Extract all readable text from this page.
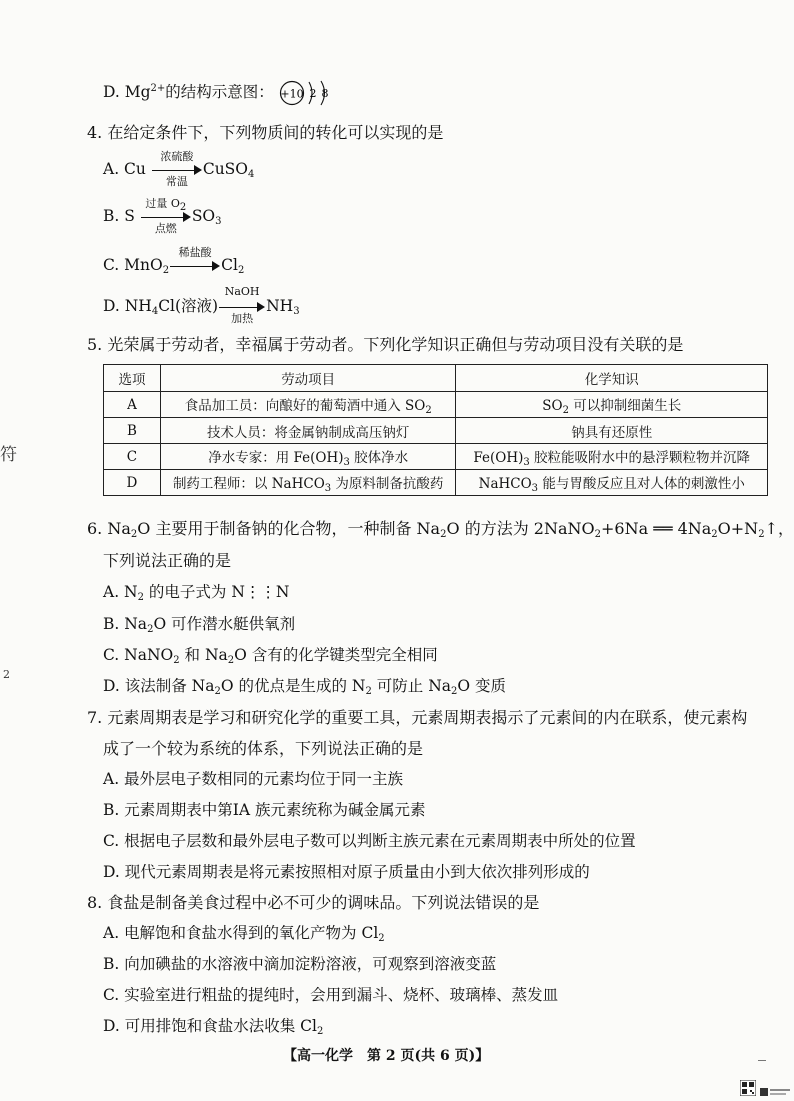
符
2
D. $Mg^{2+}$的结构示意图： +10 2 8
4. 在给定条件下，下列物质间的转化可以实现的是
A. Cu
浓硫酸
常温
CuSO$_4$
B. S
过量 $O_2$
点燃
$SO_3$
C. MnO$_2$
稀盐酸
$Cl_2$
D. $NH_4Cl$(溶液)
NaOH
加热
$NH_3$
5. 光荣属于劳动者，幸福属于劳动者。下列化学知识正确但与劳动项目没有关联的是
选项	劳动项目	化学知识
A	食品加工员：向酿好的葡萄酒中通入 $SO_2$	$SO_2$ 可以抑制细菌生长
B	技术人员：将金属钠制成高压钠灯	钠具有还原性
C	净水专家：用 $Fe(OH)_3$ 胶体净水	$Fe(OH)_3$ 胶粒能吸附水中的悬浮颗粒物并沉降
D	制药工程师：以 NaHCO$_3$ 为原料制备抗酸药	NaHCO$_3$ 能与胃酸反应且对人体的刺激性小
6. $Na_2O$ 主要用于制备钠的化合物，一种制备 $Na_2O$ 的方法为 2NaNO$_2$+6Na ══ $4Na_2O+N_2↑$，
下列说法正确的是
A. $N_2$ 的电子式为 N⋮⋮N
B. $Na_2O$ 可作潜水艇供氧剂
C. NaNO$_2$ 和 $Na_2O$ 含有的化学键类型完全相同
D. 该法制备 $Na_2O$ 的优点是生成的 $N_2$ 可防止 $Na_2O$ 变质
7. 元素周期表是学习和研究化学的重要工具，元素周期表揭示了元素间的内在联系，使元素构
成了一个较为系统的体系，下列说法正确的是
A. 最外层电子数相同的元素均位于同一主族
B. 元素周期表中第ⅠA 族元素统称为碱金属元素
C. 根据电子层数和最外层电子数可以判断主族元素在元素周期表中所处的位置
D. 现代元素周期表是将元素按照相对原子质量由小到大依次排列形成的
8. 食盐是制备美食过程中必不可少的调味品。下列说法错误的是
A. 电解饱和食盐水得到的氧化产物为 $Cl_2$
B. 向加碘盐的水溶液中滴加淀粉溶液，可观察到溶液变蓝
C. 实验室进行粗盐的提纯时，会用到漏斗、烧杯、玻璃棒、蒸发皿
D. 可用排饱和食盐水法收集 $Cl_2$
【高一化学　第 2 页(共 6 页)】
